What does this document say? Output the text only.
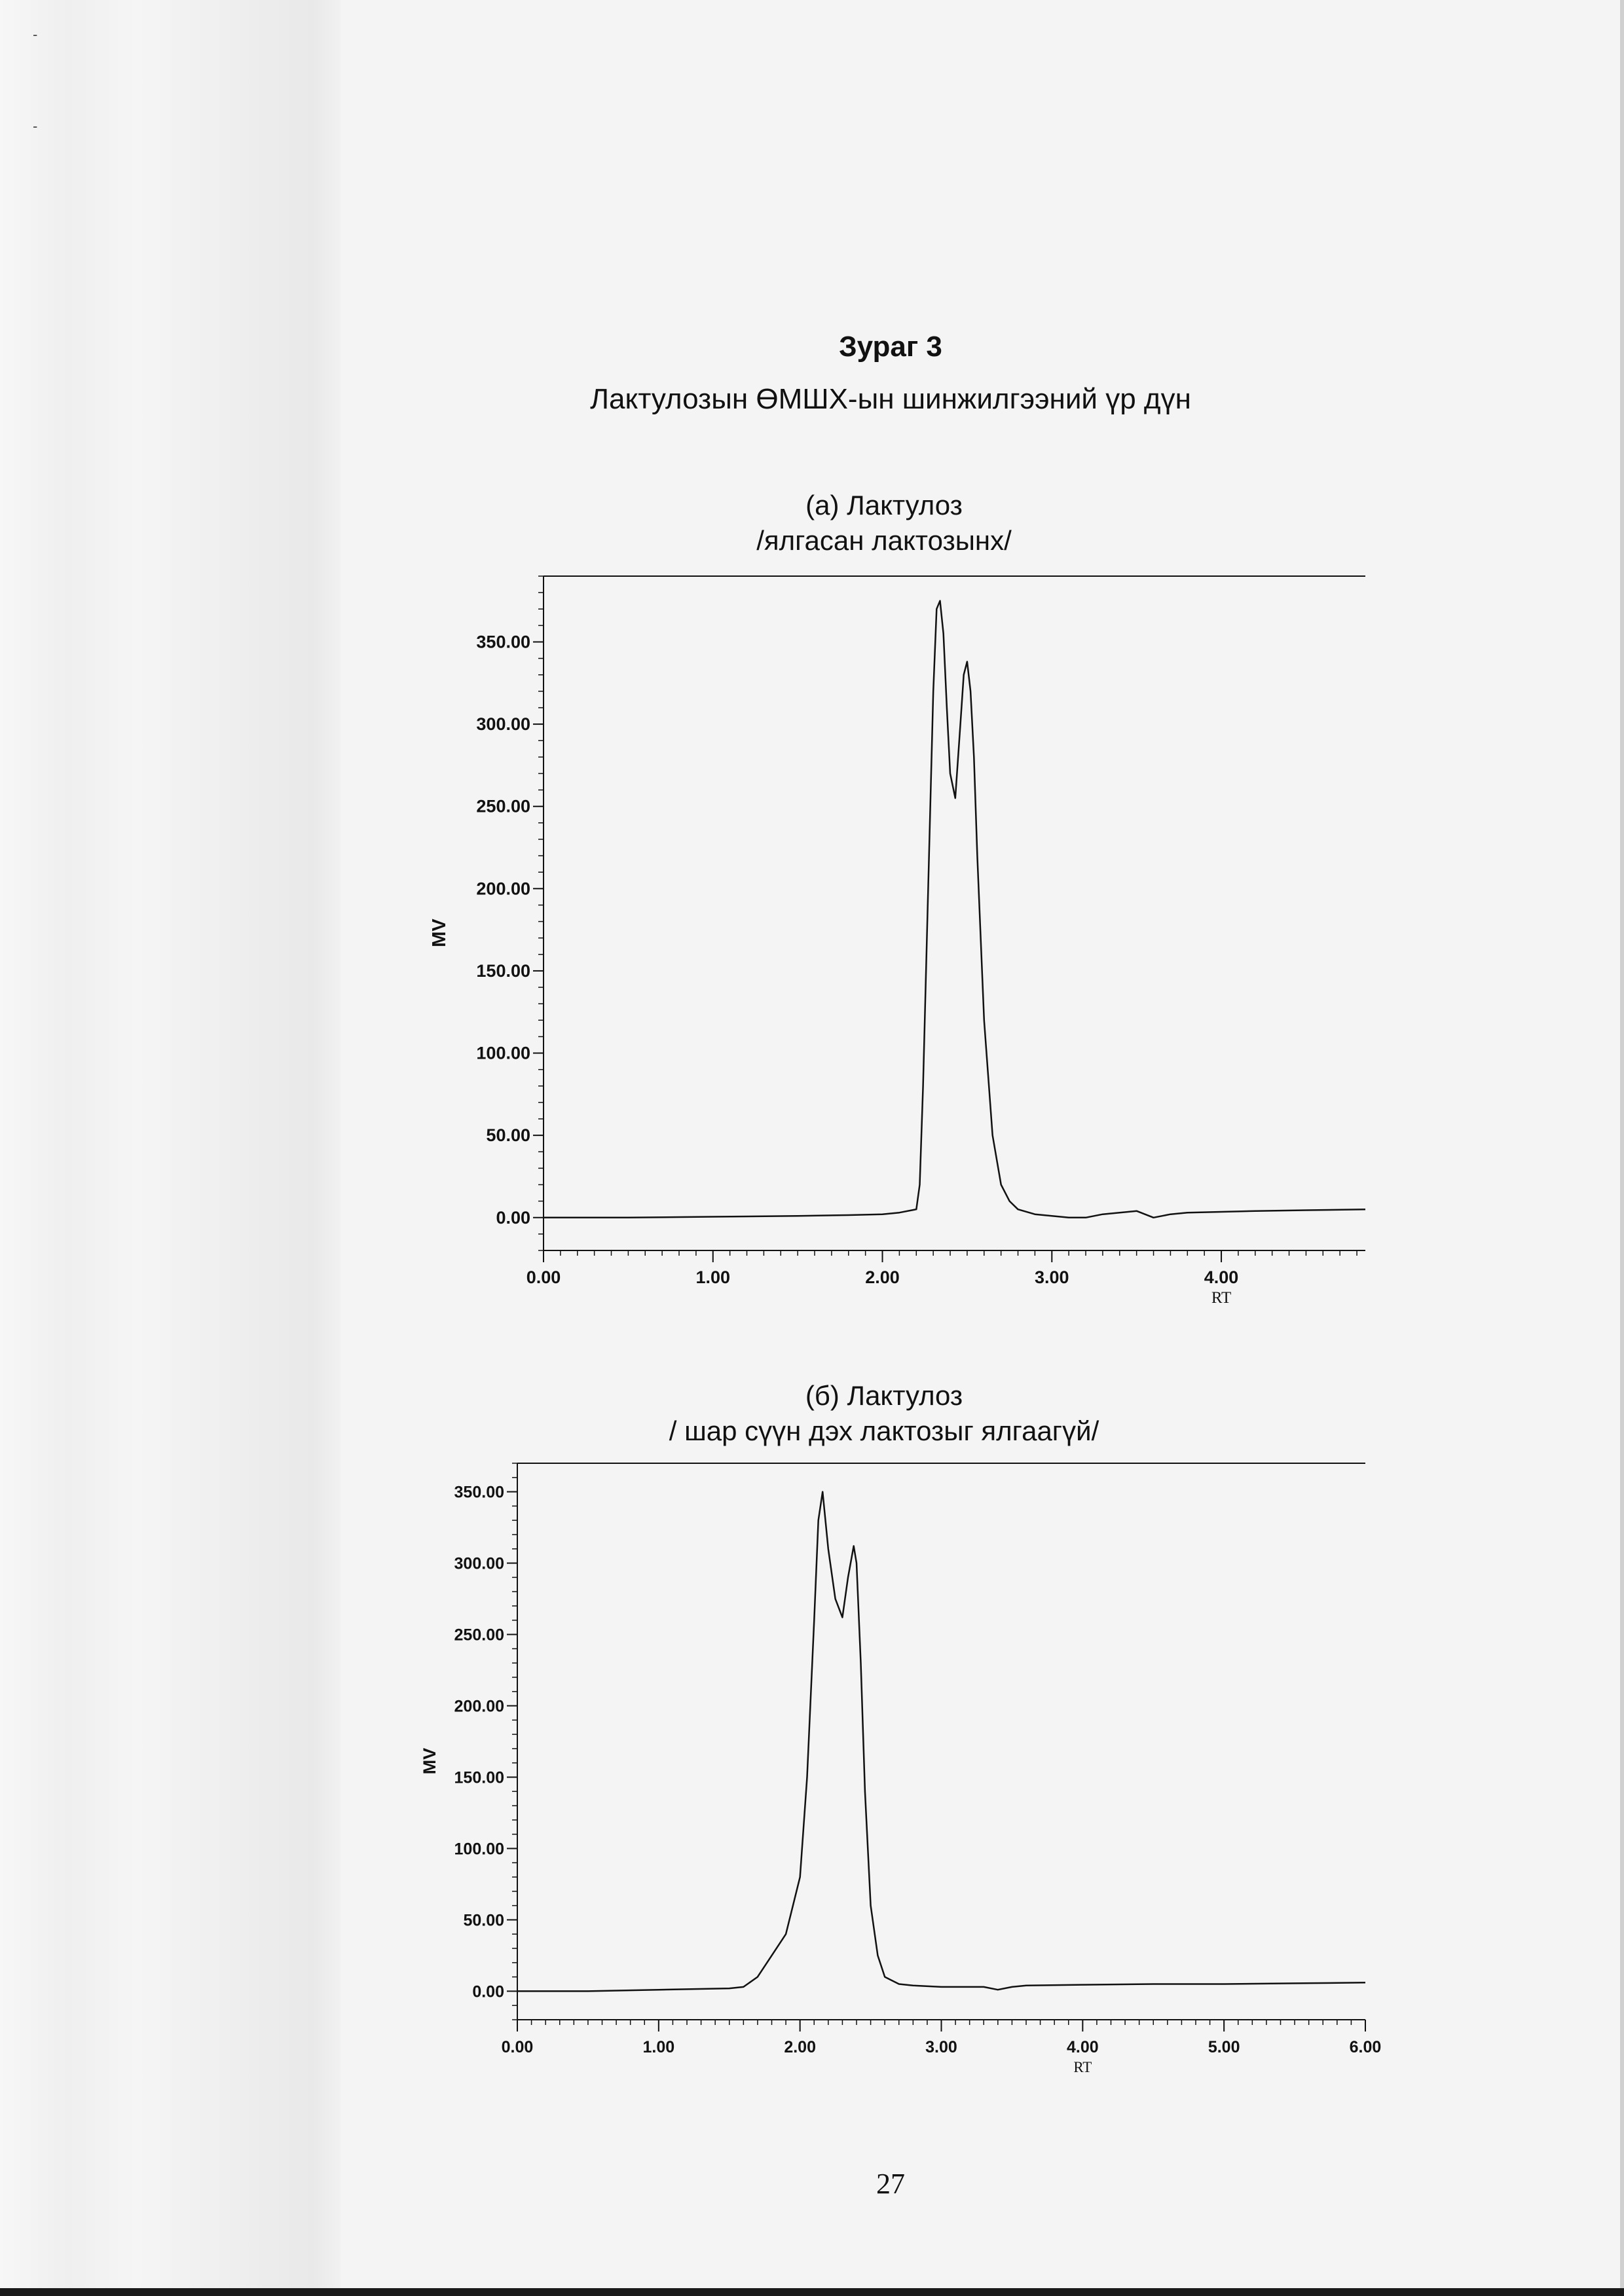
‐
‐
Зураг 3
Лактулозын ӨМШХ-ын шинжилгээний үр дүн
(а) Лактулоз
/ялгасан лактозынх/
(б) Лактулоз
/ шар сүүн дэх лактозыг ялгаагүй/
0.00
50.00
100.00
150.00
200.00
250.00
300.00
350.00
0.00	1.00	2.00	3.00	4.00
RT
MV
0.00
50.00
100.00
150.00
200.00
250.00
300.00
350.00
0.00	1.00	2.00	3.00	4.00	5.00	6.00
RT
MV
27
